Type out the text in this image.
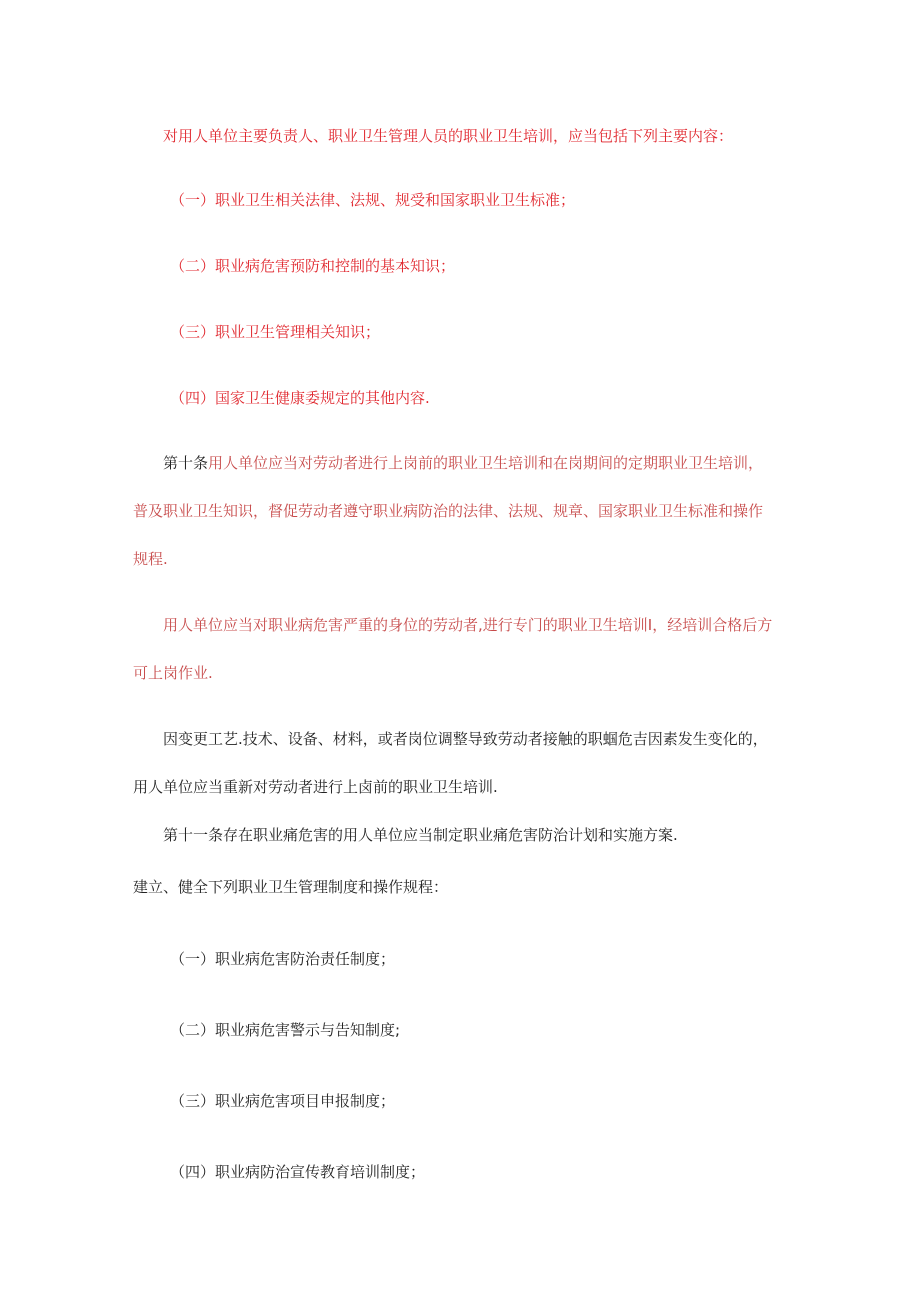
对用人单位主要负责人、职业卫生管理人员的职业卫生培训，应当包括下列主要内容：
（一）职业卫生相关法律、法规、规受和国家职业卫生标准；
（二）职业病危害预防和控制的基本知识；
（三）职业卫生管理相关知识；
（四）国家卫生健康委规定的其他内容.
第十条用人单位应当对劳动者进行上岗前的职业卫生培训和在岗期间的定期职业卫生培训，
普及职业卫生知识，督促劳动者遵守职业病防治的法律、法规、规章、国家职业卫生标准和操作
规程.
用人单位应当对职业病危害严重的身位的劳动者,进行专门的职业卫生培训I，经培训合格后方
可上岗作业.
因变更工艺.技术、设备、材料，或者岗位调整导致劳动者接触的职蝈危吉因素发生变化的，
用人单位应当重新对劳动者进行上卤前的职业卫生培训.
第十一条存在职业痛危害的用人单位应当制定职业痛危害防治计划和实施方案.
建立、健全下列职业卫生管理制度和操作规程：
（一）职业病危害防治责任制度；
（二）职业病危害警示与告知制度;
（三）职业病危害项目申报制度；
（四）职业病防治宣传教育培训制度；
